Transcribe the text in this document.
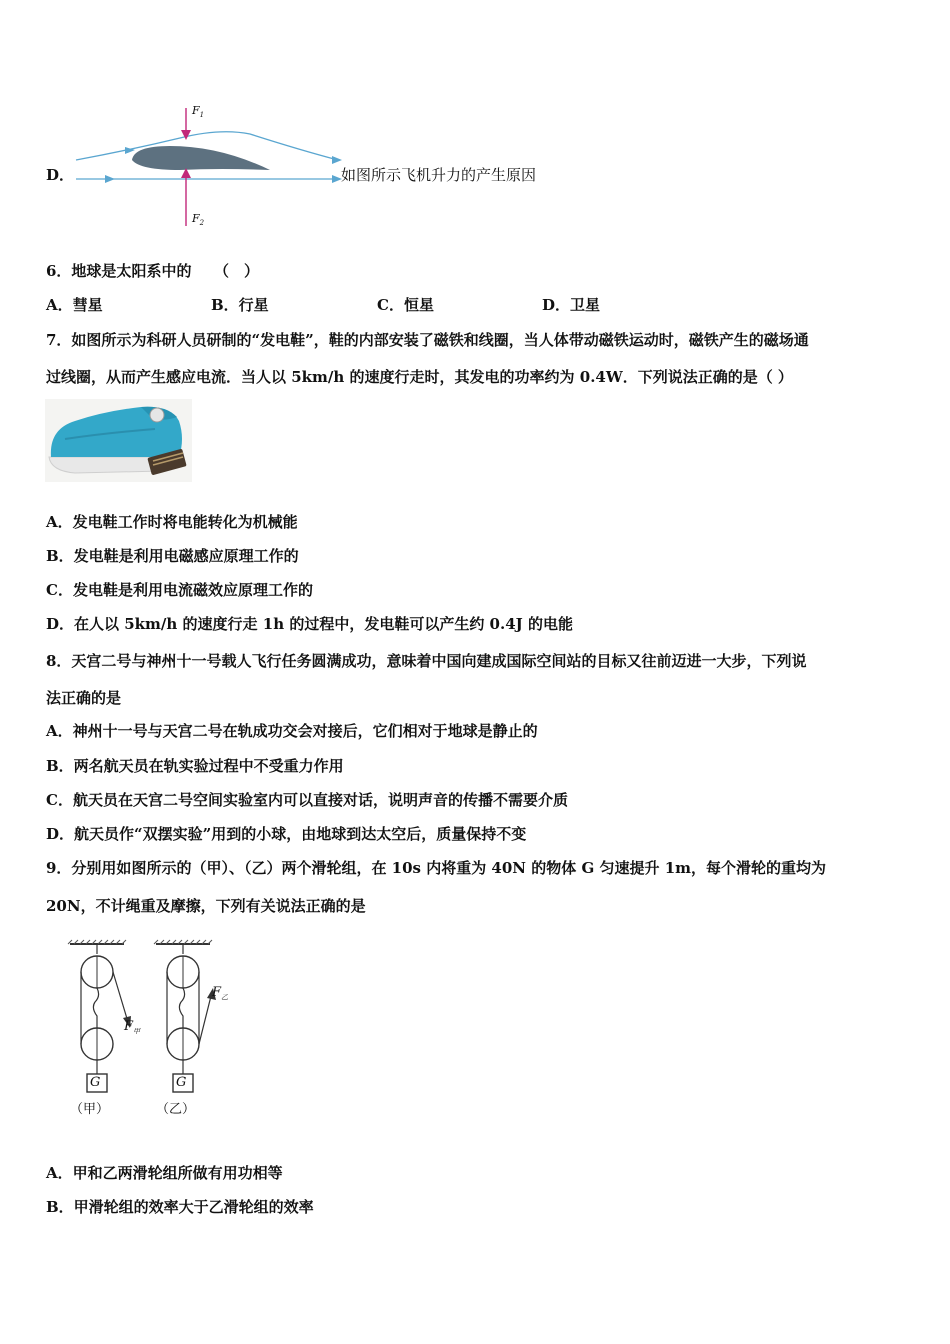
D．
$F_1$
$F_2$
如图所示飞机升力的产生原因
6．地球是太阳系中的　　（　）
A．彗星	B．行星	C．恒星	D．卫星
7．如图所示为科研人员研制的“发电鞋”，鞋的内部安装了磁铁和线圈，当人体带动磁铁运动时，磁铁产生的磁场通
过线圈，从而产生感应电流．当人以 5km/h 的速度行走时，其发电的功率约为 0.4W．下列说法正确的是（ ）
A．发电鞋工作时将电能转化为机械能
B．发电鞋是利用电磁感应原理工作的
C．发电鞋是利用电流磁效应原理工作的
D．在人以 5km/h 的速度行走 1h 的过程中，发电鞋可以产生约 0.4J 的电能
8．天宫二号与神州十一号载人飞行任务圆满成功，意味着中国向建成国际空间站的目标又往前迈进一大步，下列说
法正确的是
A．神州十一号与天宫二号在轨成功交会对接后，它们相对于地球是静止的
B．两名航天员在轨实验过程中不受重力作用
C．航天员在天宫二号空间实验室内可以直接对话，说明声音的传播不需要介质
D．航天员作“双摆实验”用到的小球，由地球到达太空后，质量保持不变
9．分别用如图所示的（甲）、（乙）两个滑轮组，在 10s 内将重为 40N 的物体 G 匀速提升 1m，每个滑轮的重均为
20N，不计绳重及摩擦，下列有关说法正确的是
G	G
$F_甲$
$F_乙$
（甲）	（乙）
A．甲和乙两滑轮组所做有用功相等
B．甲滑轮组的效率大于乙滑轮组的效率
